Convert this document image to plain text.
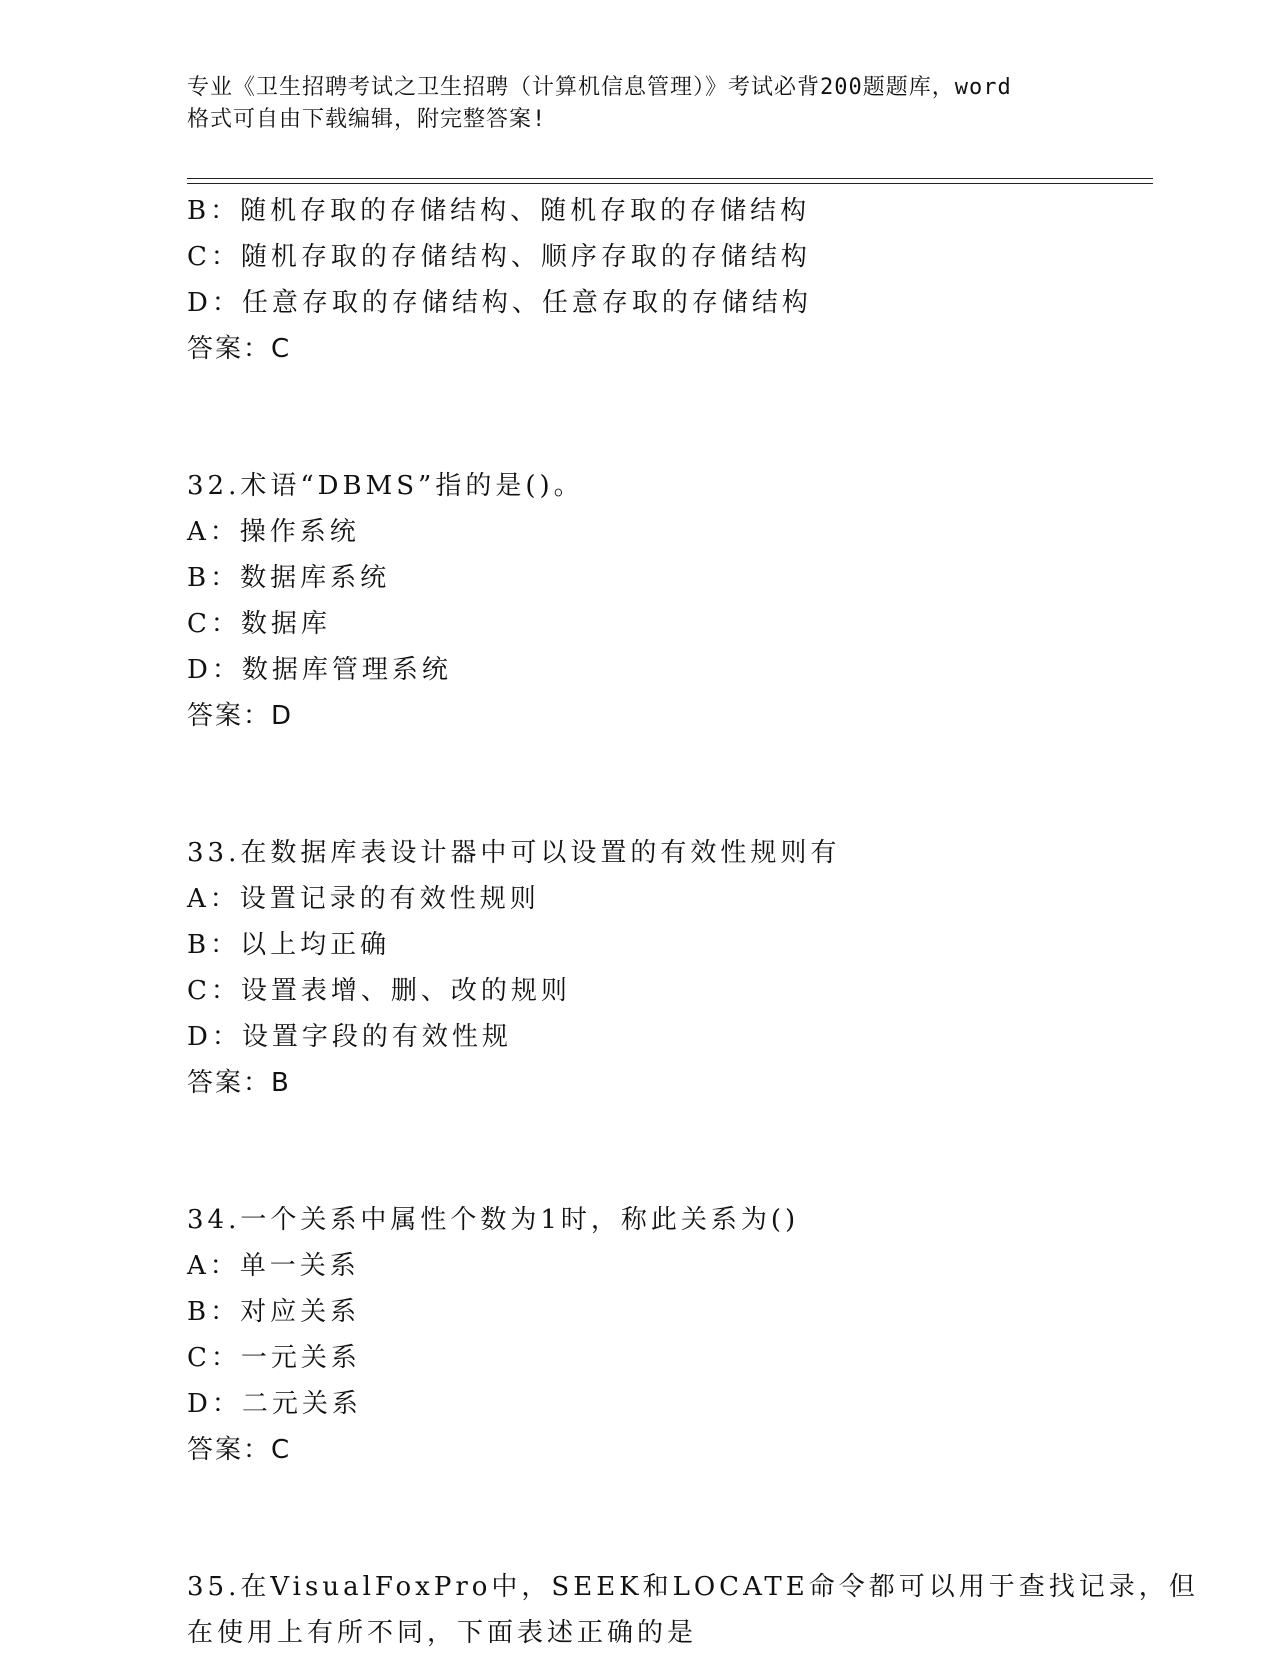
专业《卫生招聘考试之卫生招聘（计算机信息管理）》考试必背200题题库，word
格式可自由下载编辑，附完整答案!
B：随机存取的存储结构、随机存取的存储结构
C：随机存取的存储结构、顺序存取的存储结构
D：任意存取的存储结构、任意存取的存储结构
答案：C
32.术语“DBMS”指的是()。
A：操作系统
B：数据库系统
C：数据库
D：数据库管理系统
答案：D
33.在数据库表设计器中可以设置的有效性规则有
A：设置记录的有效性规则
B：以上均正确
C：设置表增、删、改的规则
D：设置字段的有效性规
答案：B
34.一个关系中属性个数为1时，称此关系为()
A：单一关系
B：对应关系
C：一元关系
D：二元关系
答案：C
35.在VisualFoxPro中，SEEK和LOCATE命令都可以用于查找记录，但
在使用上有所不同，下面表述正确的是
